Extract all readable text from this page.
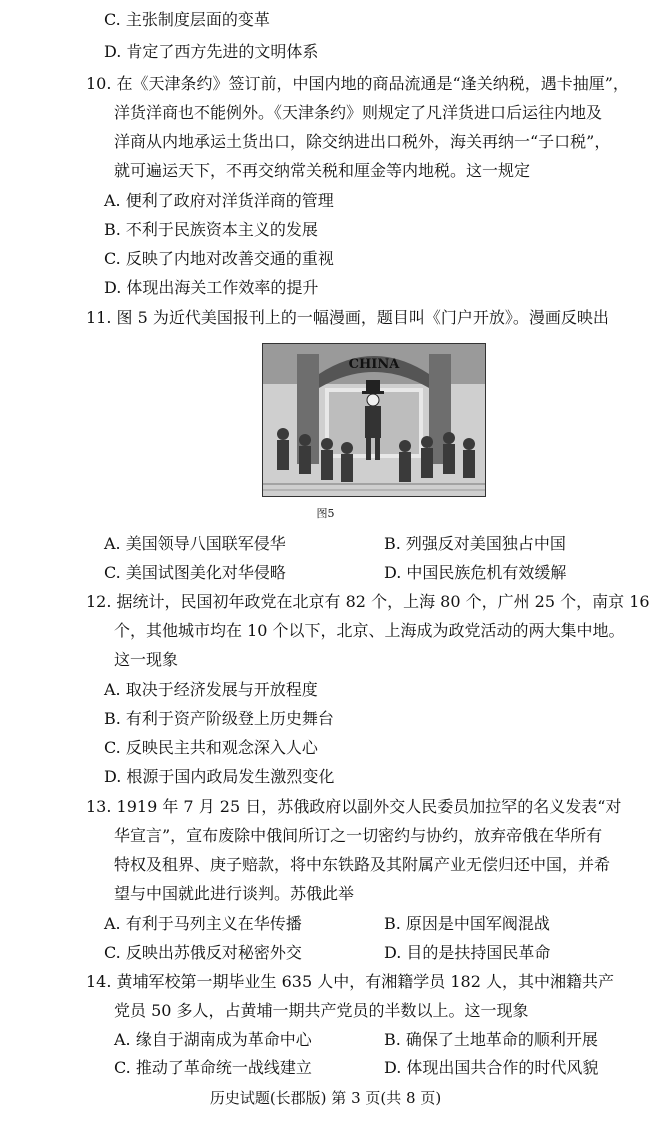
C. 主张制度层面的变革
D. 肯定了西方先进的文明体系
10. 在《天津条约》签订前，中国内地的商品流通是“逢关纳税，遇卡抽厘”，
洋货洋商也不能例外。《天津条约》则规定了凡洋货进口后运往内地及
洋商从内地承运土货出口，除交纳进出口税外，海关再纳一“子口税”，
就可遍运天下，不再交纳常关税和厘金等内地税。这一规定
A. 便利了政府对洋货洋商的管理
B. 不利于民族资本主义的发展
C. 反映了内地对改善交通的重视
D. 体现出海关工作效率的提升
11. 图 5 为近代美国报刊上的一幅漫画，题目叫《门户开放》。漫画反映出
CHINA
图5
A. 美国领导八国联军侵华	B. 列强反对美国独占中国
C. 美国试图美化对华侵略	D. 中国民族危机有效缓解
12. 据统计，民国初年政党在北京有 82 个，上海 80 个，广州 25 个，南京 16
个，其他城市均在 10 个以下，北京、上海成为政党活动的两大集中地。
这一现象
A. 取决于经济发展与开放程度
B. 有利于资产阶级登上历史舞台
C. 反映民主共和观念深入人心
D. 根源于国内政局发生激烈变化
13. 1919 年 7 月 25 日，苏俄政府以副外交人民委员加拉罕的名义发表“对
华宣言”，宣布废除中俄间所订之一切密约与协约，放弃帝俄在华所有
特权及租界、庚子赔款，将中东铁路及其附属产业无偿归还中国，并希
望与中国就此进行谈判。苏俄此举
A. 有利于马列主义在华传播	B. 原因是中国军阀混战
C. 反映出苏俄反对秘密外交	D. 目的是扶持国民革命
14. 黄埔军校第一期毕业生 635 人中，有湘籍学员 182 人，其中湘籍共产
党员 50 多人，占黄埔一期共产党员的半数以上。这一现象
A. 缘自于湖南成为革命中心	B. 确保了土地革命的顺利开展
C. 推动了革命统一战线建立	D. 体现出国共合作的时代风貌
历史试题(长郡版) 第 3 页(共 8 页)
